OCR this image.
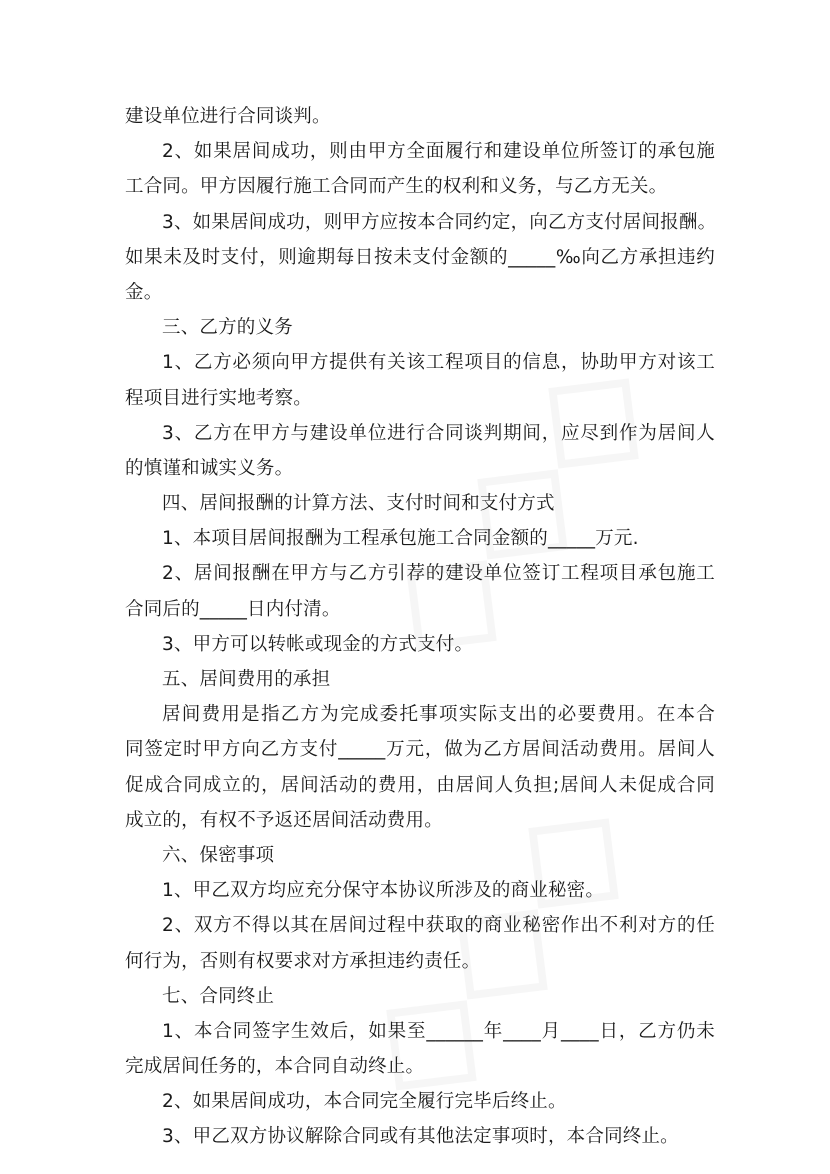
建设单位进行合同谈判。
2、如果居间成功，则由甲方全面履行和建设单位所签订的承包施
工合同。甲方因履行施工合同而产生的权利和义务，与乙方无关。
3、如果居间成功，则甲方应按本合同约定，向乙方支付居间报酬。
如果未及时支付，则逾期每日按未支付金额的_____‰向乙方承担违约
金。
三、乙方的义务
1、乙方必须向甲方提供有关该工程项目的信息，协助甲方对该工
程项目进行实地考察。
3、乙方在甲方与建设单位进行合同谈判期间，应尽到作为居间人
的慎谨和诚实义务。
四、居间报酬的计算方法、支付时间和支付方式
1、本项目居间报酬为工程承包施工合同金额的_____万元.
2、居间报酬在甲方与乙方引荐的建设单位签订工程项目承包施工
合同后的_____日内付清。
3、甲方可以转帐或现金的方式支付。
五、居间费用的承担
居间费用是指乙方为完成委托事项实际支出的必要费用。在本合
同签定时甲方向乙方支付_____万元，做为乙方居间活动费用。居间人
促成合同成立的，居间活动的费用，由居间人负担;居间人未促成合同
成立的，有权不予返还居间活动费用。
六、保密事项
1、甲乙双方均应充分保守本协议所涉及的商业秘密。
2、双方不得以其在居间过程中获取的商业秘密作出不利对方的任
何行为，否则有权要求对方承担违约责任。
七、合同终止
1、本合同签字生效后，如果至______年____月____日，乙方仍未
完成居间任务的，本合同自动终止。
2、如果居间成功，本合同完全履行完毕后终止。
3、甲乙双方协议解除合同或有其他法定事项时，本合同终止。
